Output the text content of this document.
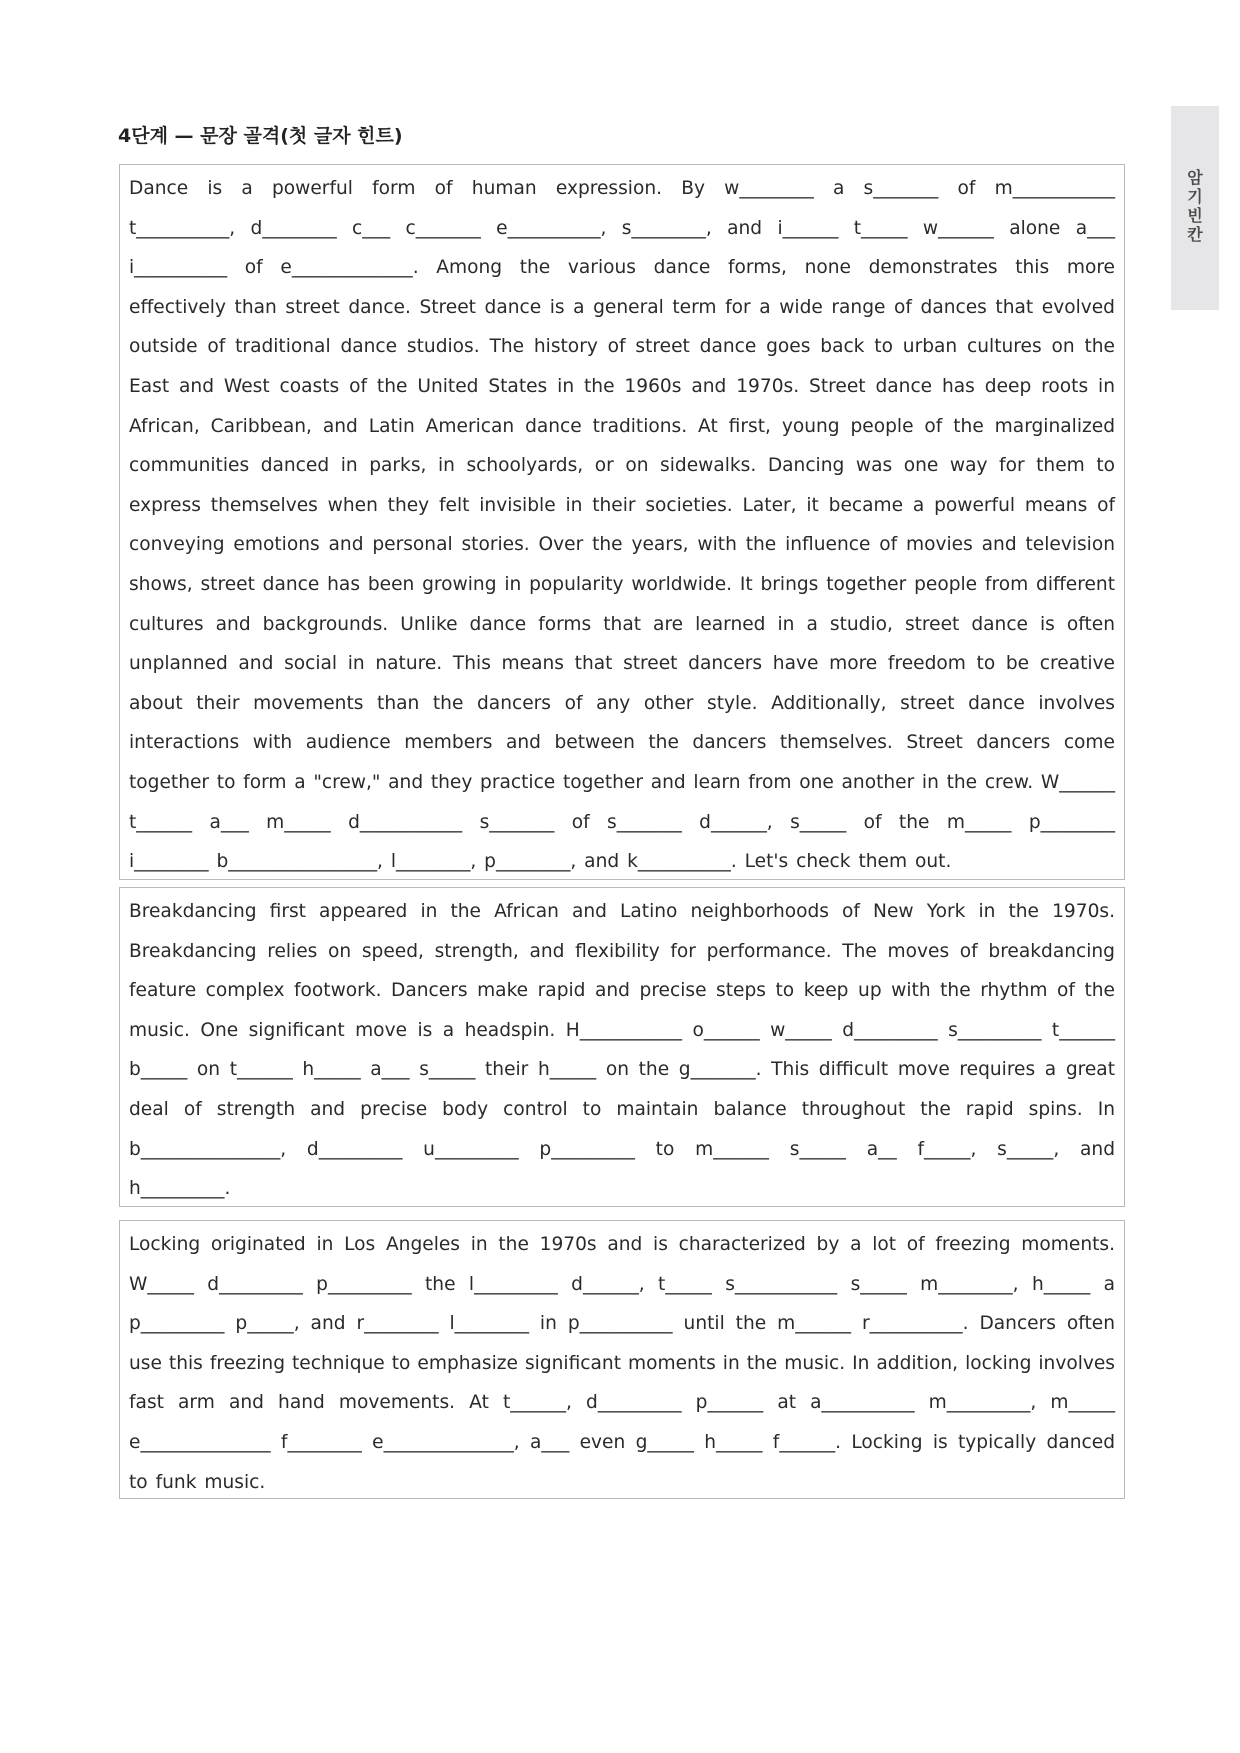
4단계 — 문장 골격(첫 글자 힌트)
암
기
빈
칸
Dance is a powerful form of human expression. By w________ a s_______ of m___________
t__________, d________ c___ c_______ e__________, s________, and i______ t_____ w______ alone a___
i__________ of e_____________. Among the various dance forms, none demonstrates this more
effectively than street dance. Street dance is a general term for a wide range of dances that evolved
outside of traditional dance studios. The history of street dance goes back to urban cultures on the
East and West coasts of the United States in the 1960s and 1970s. Street dance has deep roots in
African, Caribbean, and Latin American dance traditions. At first, young people of the marginalized
communities danced in parks, in schoolyards, or on sidewalks. Dancing was one way for them to
express themselves when they felt invisible in their societies. Later, it became a powerful means of
conveying emotions and personal stories. Over the years, with the influence of movies and television
shows, street dance has been growing in popularity worldwide. It brings together people from different
cultures and backgrounds. Unlike dance forms that are learned in a studio, street dance is often
unplanned and social in nature. This means that street dancers have more freedom to be creative
about their movements than the dancers of any other style. Additionally, street dance involves
interactions with audience members and between the dancers themselves. Street dancers come
together to form a "crew," and they practice together and learn from one another in the crew. W______
t______ a___ m_____ d___________ s_______ of s_______ d______, s_____ of the m_____ p________
i________ b________________, l________, p________, and k__________. Let's check them out.
Breakdancing first appeared in the African and Latino neighborhoods of New York in the 1970s.
Breakdancing relies on speed, strength, and flexibility for performance. The moves of breakdancing
feature complex footwork. Dancers make rapid and precise steps to keep up with the rhythm of the
music. One significant move is a headspin. H___________ o______ w_____ d_________ s_________ t______
b_____ on t______ h_____ a___ s_____ their h_____ on the g_______. This difficult move requires a great
deal of strength and precise body control to maintain balance throughout the rapid spins. In
b_______________, d_________ u_________ p_________ to m______ s_____ a__ f_____, s_____, and
h_________.
Locking originated in Los Angeles in the 1970s and is characterized by a lot of freezing moments.
W_____ d_________ p_________ the l_________ d______, t_____ s___________ s_____ m________, h_____ a
p_________ p_____, and r________ l________ in p__________ until the m______ r__________. Dancers often
use this freezing technique to emphasize significant moments in the music. In addition, locking involves
fast arm and hand movements. At t______, d_________ p______ at a__________ m_________, m_____
e______________ f________ e______________, a___ even g_____ h_____ f______. Locking is typically danced
to funk music.
